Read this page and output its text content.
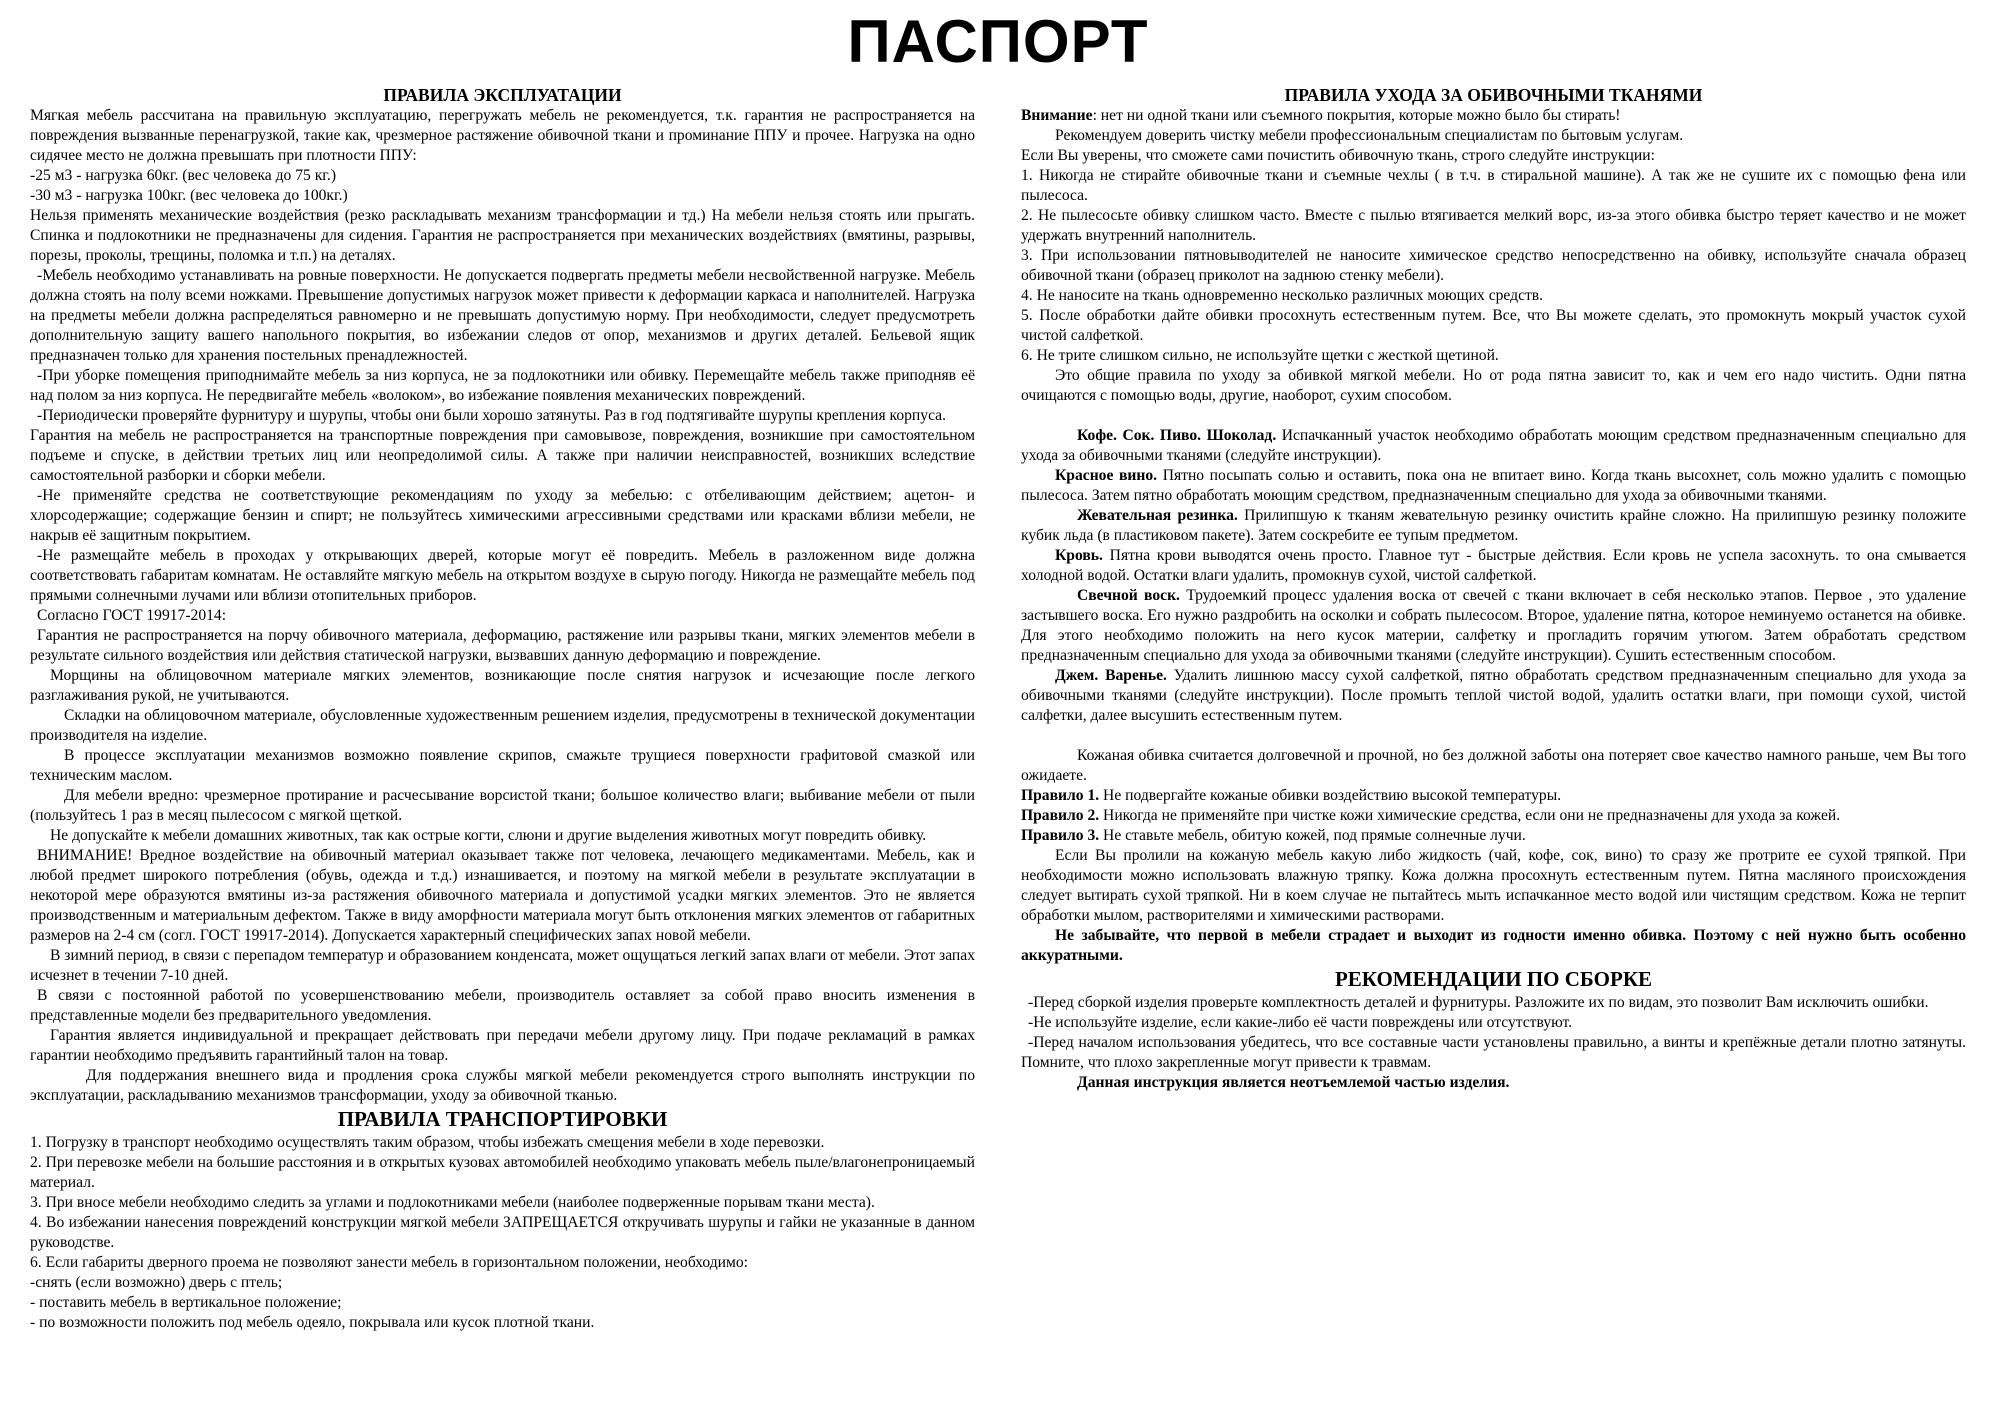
ПАСПОРТ
ПРАВИЛА ЭКСПЛУАТАЦИИ

Мягкая мебель рассчитана на правильную эксплуатацию, перегружать мебель не рекомендуется, т.к. гарантия не распространяется на повреждения вызванные перенагрузкой, такие как, чрезмерное растяжение обивочной ткани и проминание ППУ и прочее. Нагрузка на одно сидячее место не должна превышать при плотности ППУ:

-25 м3 - нагрузка 60кг. (вес человека до 75 кг.)

-30 м3 - нагрузка 100кг. (вес человека до 100кг.)

Нельзя применять механические воздействия (резко раскладывать механизм трансформации и тд.) На мебели нельзя стоять или прыгать. Спинка и подлокотники не предназначены для сидения. Гарантия не распространяется при механических воздействиях (вмятины, разрывы, порезы, проколы, трещины, поломка и т.п.) на деталях.

-Мебель необходимо устанавливать на ровные поверхности. Не допускается подвергать предметы мебели несвойственной нагрузке. Мебель должна стоять на полу всеми ножками. Превышение допустимых нагрузок может привести к деформации каркаса и наполнителей. Нагрузка на предметы мебели должна распределяться равномерно и не превышать допустимую норму. При необходимости, следует предусмотреть дополнительную защиту вашего напольного покрытия, во избежании следов от опор, механизмов и других деталей. Бельевой ящик предназначен только для хранения постельных пренадлежностей.

-При уборке помещения приподнимайте мебель за низ корпуса, не за подлокотники или обивку. Перемещайте мебель также приподняв её над полом за низ корпуса. Не передвигайте мебель «волоком», во избежание появления механических повреждений.

-Периодически проверяйте фурнитуру и шурупы, чтобы они были хорошо затянуты. Раз в год подтягивайте шурупы крепления корпуса.

Гарантия на мебель не распространяется на транспортные повреждения при самовывозе, повреждения, возникшие при самостоятельном подъеме и спуске, в действии третьих лиц или неопредолимой силы. А также при наличии неисправностей, возникших вследствие самостоятельной разборки и сборки мебели.

-Не применяйте средства не соответствующие рекомендациям по уходу за мебелью: с отбеливающим действием; ацетон- и хлорсодержащие; содержащие бензин и спирт; не пользуйтесь химическими агрессивными средствами или красками вблизи мебели, не накрыв её защитным покрытием.

-Не размещайте мебель в проходах у открывающих дверей, которые могут её повредить. Мебель в разложенном виде должна соответствовать габаритам комнатам. Не оставляйте мягкую мебель на открытом воздухе в сырую погоду. Никогда не размещайте мебель под прямыми солнечными лучами или вблизи отопительных приборов.

Согласно ГОСТ 19917-2014:

Гарантия не распространяется на порчу обивочного материала, деформацию, растяжение или разрывы ткани, мягких элементов мебели в результате сильного воздействия или действия статической нагрузки, вызвавших данную деформацию и повреждение.

Морщины на облицовочном материале мягких элементов, возникающие после снятия нагрузок и исчезающие после легкого разглаживания рукой, не учитываются.

Складки на облицовочном материале, обусловленные художественным решением изделия, предусмотрены в технической документации производителя на изделие.

В процессе эксплуатации механизмов возможно появление скрипов, смажьте трущиеся поверхности графитовой смазкой или техническим маслом.

Для мебели вредно: чрезмерное протирание и расчесывание ворсистой ткани; большое количество влаги; выбивание мебели от пыли (пользуйтесь 1 раз в месяц пылесосом с мягкой щеткой.

Не допускайте к мебели домашних животных, так как острые когти, слюни и другие выделения животных могут повредить обивку.

ВНИМАНИЕ! Вредное воздействие на обивочный материал оказывает также пот человека, лечающего медикаментами. Мебель, как и любой предмет широкого потребления (обувь, одежда и т.д.) изнашивается, и поэтому на мягкой мебели в результате эксплуатации в некоторой мере образуются вмятины из-за растяжения обивочного материала и допустимой усадки мягких элементов. Это не является производственным и материальным дефектом. Также в виду аморфности материала могут быть отклонения мягких элементов от габаритных размеров на 2-4 см (согл. ГОСТ 19917-2014). Допускается характерный специфических запах новой мебели.

В зимний период, в связи с перепадом температур и образованием конденсата, может ощущаться легкий запах влаги от мебели. Этот запах исчезнет в течении 7-10 дней.

В связи с постоянной работой по усовершенствованию мебели, производитель оставляет за собой право вносить изменения в представленные модели без предварительного уведомления.

Гарантия является индивидуальной и прекращает действовать при передачи мебели другому лицу. При подаче рекламаций в рамках гарантии необходимо предъявить гарантийный талон на товар.

Для поддержания внешнего вида и продления срока службы мягкой мебели рекомендуется строго выполнять инструкции по эксплуатации, раскладыванию механизмов трансформации, уходу за обивочной тканью.

ПРАВИЛА ТРАНСПОРТИРОВКИ

1. Погрузку в транспорт необходимо осуществлять таким образом, чтобы избежать смещения мебели в ходе перевозки.

2. При перевозке мебели на большие расстояния и в открытых кузовах автомобилей необходимо упаковать мебель пыле/влагонепроницаемый материал.

3. При вносе мебели необходимо следить за углами и подлокотниками мебели (наиболее подверженные порывам ткани места).

4. Во избежании нанесения повреждений конструкции мягкой мебели ЗАПРЕЩАЕТСЯ откручивать шурупы и гайки не указанные в данном руководстве.

6. Если габариты дверного проема не позволяют занести мебель в горизонтальном положении, необходимо:

-снять (если возможно) дверь с птель;

- поставить мебель в вертикальное положение;

- по возможности положить под мебель одеяло, покрывала или кусок плотной ткани.

ПРАВИЛА УХОДА ЗА ОБИВОЧНЫМИ ТКАНЯМИ

Внимание: нет ни одной ткани или съемного покрытия, которые можно было бы стирать!

Рекомендуем доверить чистку мебели профессиональным специалистам по бытовым услугам.

Если Вы уверены, что сможете сами почистить обивочную ткань, строго следуйте инструкции:

1. Никогда не стирайте обивочные ткани и съемные чехлы ( в т.ч. в стиральной машине). А так же не сушите их с помощью фена или пылесоса.

2. Не пылесосьте обивку слишком часто. Вместе с пылью втягивается мелкий ворс, из-за этого обивка быстро теряет качество и не может удержать внутренний наполнитель.

3. При использовании пятновыводителей не наносите химическое средство непосредственно на обивку, используйте сначала образец обивочной ткани (образец приколот на заднюю стенку мебели).

4. Не наносите на ткань одновременно несколько различных моющих средств.

5. После обработки дайте обивки просохнуть естественным путем. Все, что Вы можете сделать, это промокнуть мокрый участок сухой чистой салфеткой.

6. Не трите слишком сильно, не используйте щетки с жесткой щетиной.

Это общие правила по уходу за обивкой мягкой мебели. Но от рода пятна зависит то, как и чем его надо чистить. Одни пятна очищаются с помощью воды, другие, наоборот, сухим способом.

Кофе. Сок. Пиво. Шоколад. Испачканный участок необходимо обработать моющим средством предназначенным специально для ухода за обивочными тканями (следуйте инструкции).

Красное вино. Пятно посыпать солью и оставить, пока она не впитает вино. Когда ткань высохнет, соль можно удалить с помощью пылесоса. Затем пятно обработать моющим средством, предназначенным специально для ухода за обивочными тканями.

Жевательная резинка. Прилипшую к тканям жевательную резинку очистить крайне сложно. На прилипшую резинку положите кубик льда (в пластиковом пакете). Затем соскребите ее тупым предметом.

Кровь. Пятна крови выводятся очень просто. Главное тут - быстрые действия. Если кровь не успела засохнуть. то она смывается холодной водой. Остатки влаги удалить, промокнув сухой, чистой салфеткой.

Свечной воск. Трудоемкий процесс удаления воска от свечей с ткани включает в себя несколько этапов. Первое , это удаление застывшего воска. Его нужно раздробить на осколки и собрать пылесосом. Второе, удаление пятна, которое неминуемо останется на обивке. Для этого необходимо положить на него кусок материи, салфетку и прогладить горячим утюгом. Затем обработать средством предназначенным специально для ухода за обивочными тканями (следуйте инструкции). Сушить естественным способом.

Джем. Варенье. Удалить лишнюю массу сухой салфеткой, пятно обработать средством предназначенным специально для ухода за обивочными тканями (следуйте инструкции). После промыть теплой чистой водой, удалить остатки влаги, при помощи сухой, чистой салфетки, далее высушить естественным путем.

Кожаная обивка считается долговечной и прочной, но без должной заботы она потеряет свое качество намного раньше, чем Вы того ожидаете.

Правило 1. Не подвергайте кожаные обивки воздействию высокой температуры.

Правило 2. Никогда не применяйте при чистке кожи химические средства, если они не предназначены для ухода за кожей.

Правило 3. Не ставьте мебель, обитую кожей, под прямые солнечные лучи.

Если Вы пролили на кожаную мебель какую либо жидкость (чай, кофе, сок, вино) то сразу же протрите ее сухой тряпкой. При необходимости можно использовать влажную тряпку. Кожа должна просохнуть естественным путем. Пятна масляного происхождения следует вытирать сухой тряпкой. Ни в коем случае не пытайтесь мыть испачканное место водой или чистящим средством. Кожа не терпит обработки мылом, растворителями и химическими растворами.

Не забывайте, что первой в мебели страдает и выходит из годности именно обивка. Поэтому с ней нужно быть особенно аккуратными.

РЕКОМЕНДАЦИИ ПО СБОРКЕ

-Перед сборкой изделия проверьте комплектность деталей и фурнитуры. Разложите их по видам, это позволит Вам исключить ошибки.

-Не используйте изделие, если какие-либо её части повреждены или отсутствуют.

-Перед началом использования убедитесь, что все составные части установлены правильно, а винты и крепёжные детали плотно затянуты. Помните, что плохо закрепленные могут привести к травмам.

Данная инструкция является неотъемлемой частью изделия.
